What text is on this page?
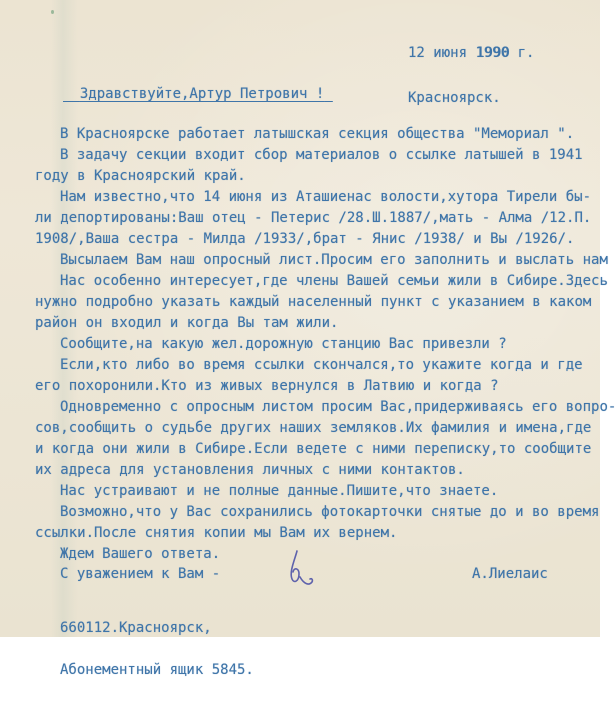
12 июня 1990 г.

Красноярск.

Здравствуйте,Артур Петрович !
В Красноярске работает латышская секция общества "Мемориал ".
В задачу секции входит сбор материалов о ссылке латышей в 1941
году в Красноярский край.
Нам известно,что 14 июня из Аташиенас волости,хутора Тирели бы-
ли депортированы:Ваш отец - Петерис /28.Ш.1887/,мать - Алма /12.П.
1908/,Ваша сестра - Милда /1933/,брат - Янис /1938/ и Вы /1926/.
Высылаем Вам наш опросный лист.Просим его заполнить и выслать нам
Нас особенно интересует,где члены Вашей семьи жили в Сибире.Здесь
нужно подробно указать каждый населенный пункт с указанием в каком
район он входил и когда Вы там жили.
Сообщите,на какую жел.дорожную станцию Вас привезли ?
Если,кто либо во время ссылки скончался,то укажите когда и где
его похоронили.Кто из живых вернулся в Латвию и когда ?
Одновременно с опросным листом просим Вас,придерживаясь его вопро-
сов,сообщить о судьбе других наших земляков.Их фамилия и имена,где
и когда они жили в Сибире.Если ведете с ними переписку,то сообщите
их адреса для установления личных с ними контактов.
Нас устраивают и не полные данные.Пишите,что знаете.
Возможно,что у Вас сохранились фотокарточки снятые до и во время
ссылки.После снятия копии мы Вам их вернем.
Ждем Вашего ответа.

С уважением к Вам -

	А.Лиелаис

660112.Красноярск,

Абонементный ящик 5845.
